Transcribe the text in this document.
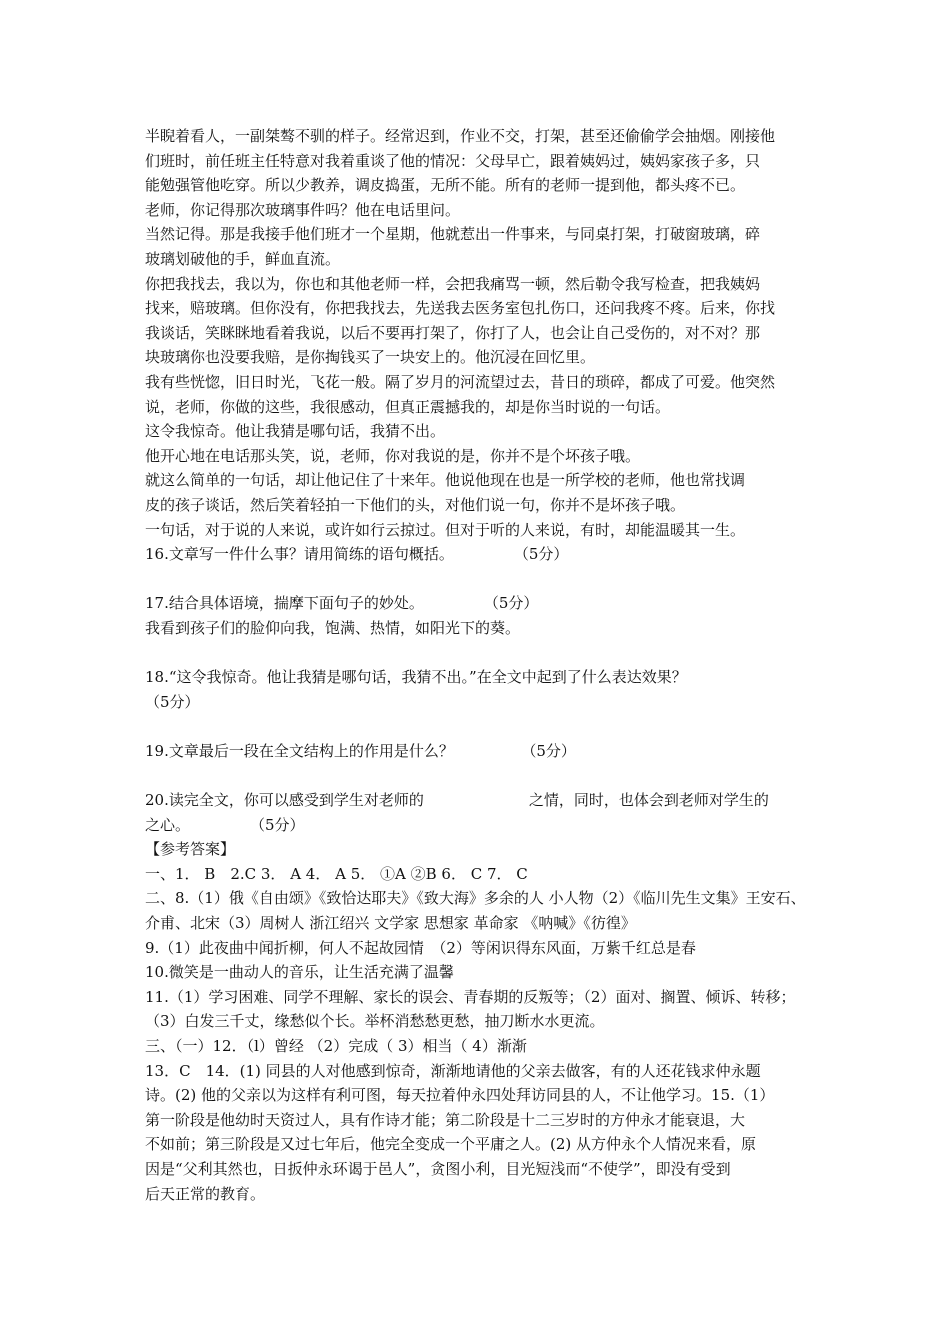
半睨着看人，一副桀骜不驯的样子。经常迟到，作业不交，打架，甚至还偷偷学会抽烟。刚接他
们班时，前任班主任特意对我着重谈了他的情况：父母早亡，跟着姨妈过，姨妈家孩子多，只
能勉强管他吃穿。所以少教养，调皮捣蛋，无所不能。所有的老师一提到他，都头疼不已。
老师，你记得那次玻璃事件吗？他在电话里问。
当然记得。那是我接手他们班才一个星期，他就惹出一件事来，与同桌打架，打破窗玻璃，碎
玻璃划破他的手，鲜血直流。
你把我找去，我以为，你也和其他老师一样，会把我痛骂一顿，然后勒令我写检查，把我姨妈
找来，赔玻璃。但你没有，你把我找去，先送我去医务室包扎伤口，还问我疼不疼。后来，你找
我谈话，笑眯眯地看着我说，以后不要再打架了，你打了人，也会让自己受伤的，对不对？那
块玻璃你也没要我赔，是你掏钱买了一块安上的。他沉浸在回忆里。
我有些恍惚，旧日时光，飞花一般。隔了岁月的河流望过去，昔日的琐碎，都成了可爱。他突然
说，老师，你做的这些，我很感动，但真正震撼我的，却是你当时说的一句话。
这令我惊奇。他让我猜是哪句话，我猜不出。
他开心地在电话那头笑，说，老师，你对我说的是，你并不是个坏孩子哦。
就这么简单的一句话，却让他记住了十来年。他说他现在也是一所学校的老师，他也常找调
皮的孩子谈话，然后笑着轻拍一下他们的头，对他们说一句，你并不是坏孩子哦。
一句话，对于说的人来说，或许如行云掠过。但对于听的人来说，有时，却能温暖其一生。
16.文章写一件什么事？请用简练的语句概括。　　　　　（5分）
17.结合具体语境，揣摩下面句子的妙处。　　　　　（5分）
我看到孩子们的脸仰向我，饱满、热情，如阳光下的葵。
18.“这令我惊奇。他让我猜是哪句话，我猜不出。”在全文中起到了什么表达效果？
（5分）
19.文章最后一段在全文结构上的作用是什么？　　　　　（5分）
20.读完全文，你可以感受到学生对老师的　　　　　　　之情，同时，也体会到老师对学生的
之心。　　　　　（5分）
【参考答案】
一、1． B　2.C 3． A 4． A 5． ①A ②B 6． C 7． C
二、8.（1）俄《自由颂》《致恰达耶夫》《致大海》多余的人 小人物（2）《临川先生文集》王安石、
介甫、北宋（3）周树人 浙江绍兴 文学家 思想家 革命家 《呐喊》《彷徨》
9.（1）此夜曲中闻折柳，何人不起故园情　（2）等闲识得东风面，万紫千红总是春
10.微笑是一曲动人的音乐，让生活充满了温馨
11.（1）学习困难、同学不理解、家长的误会、青春期的反叛等；（2）面对、搁置、倾诉、转移；
（3）白发三千丈，缘愁似个长。举杯消愁愁更愁，抽刀断水水更流。
三、（一）12．（l）曾经 （2）完成（ 3）相当（ 4）渐渐
13．C　14．(1) 同县的人对他感到惊奇，渐渐地请他的父亲去做客，有的人还花钱求仲永题
诗。(2) 他的父亲以为这样有利可图，每天拉着仲永四处拜访同县的人，不让他学习。15.（1）
第一阶段是他幼时天资过人，具有作诗才能；第二阶段是十二三岁时的方仲永才能衰退，大
不如前；第三阶段是又过七年后，他完全变成一个平庸之人。(2) 从方仲永个人情况来看，原
因是“父利其然也，日扳仲永环谒于邑人”，贪图小利，目光短浅而“不使学”，即没有受到
后天正常的教育。
